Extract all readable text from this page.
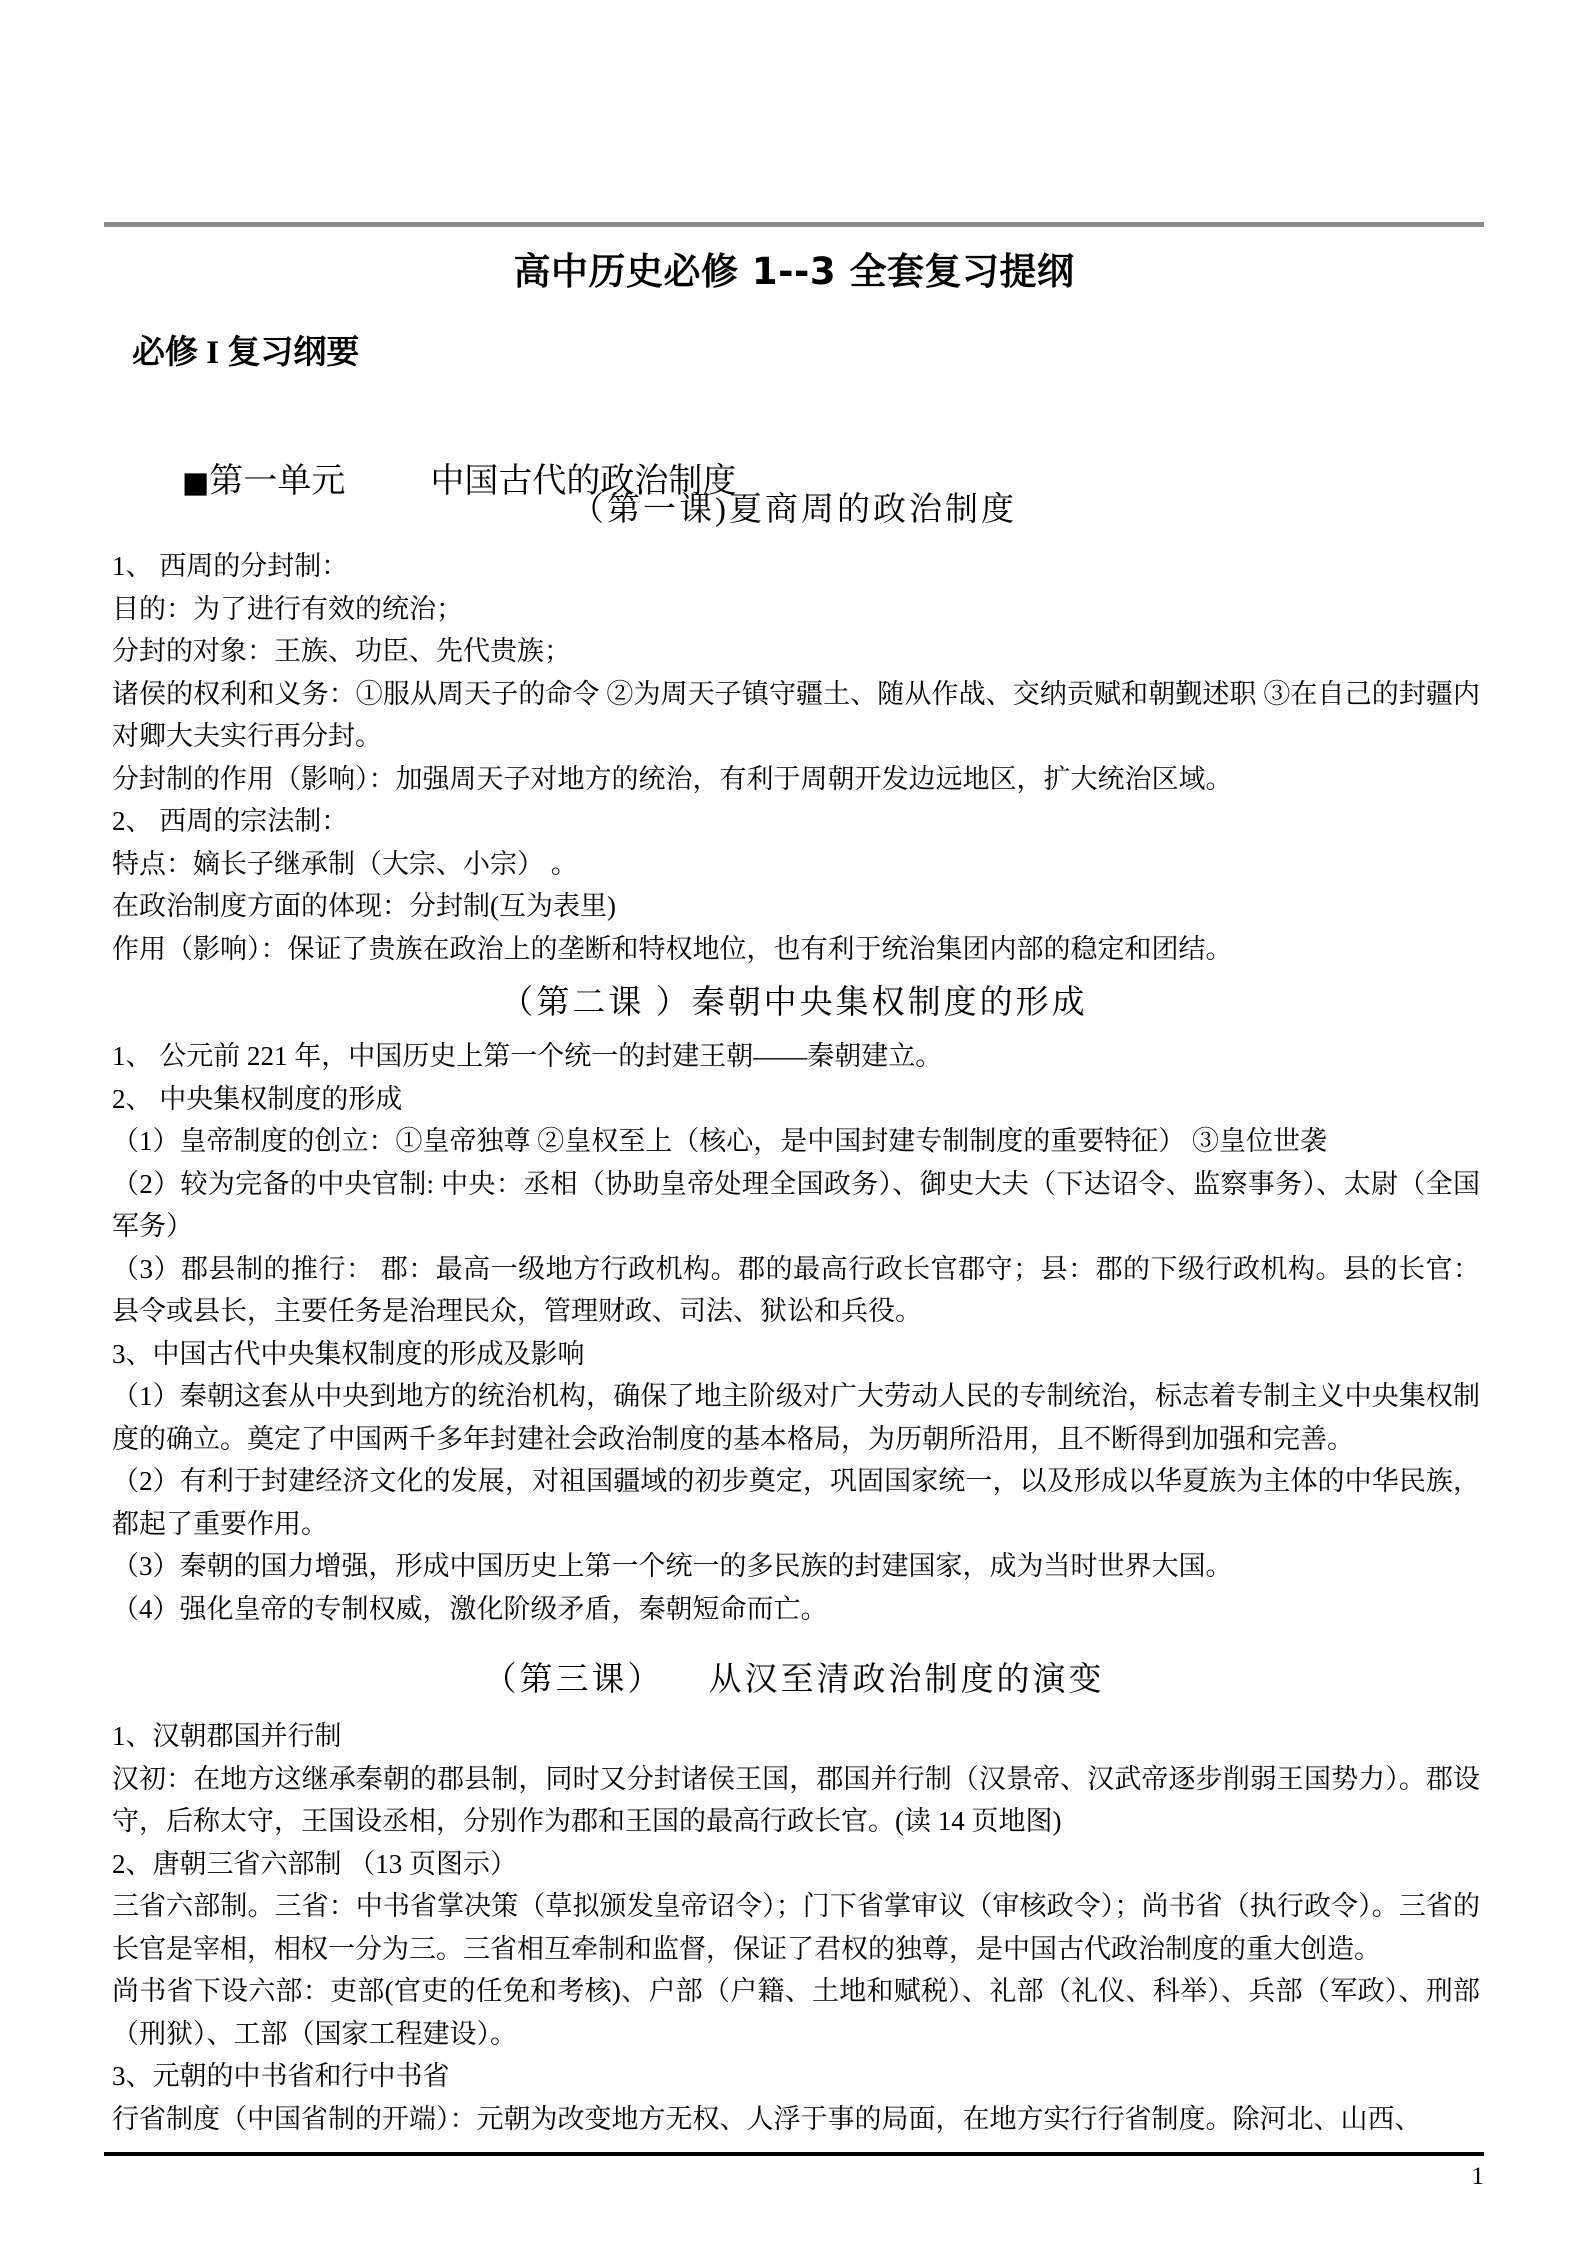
高中历史必修 1--3 全套复习提纲
必修 I 复习纲要

■第一单元          中国古代的政治制度

（第一课)夏商周的政治制度

1、 西周的分封制：

目的：为了进行有效的统治；

分封的对象：王族、功臣、先代贵族；

诸侯的权利和义务：①服从周天子的命令 ②为周天子镇守疆土、随从作战、交纳贡赋和朝觐述职 ③在自己的封疆内对卿大夫实行再分封。

分封制的作用（影响）：加强周天子对地方的统治，有利于周朝开发边远地区，扩大统治区域。

2、 西周的宗法制：

特点：嫡长子继承制（大宗、小宗） 。

在政治制度方面的体现：分封制(互为表里)

作用（影响）：保证了贵族在政治上的垄断和特权地位，也有利于统治集团内部的稳定和团结。

（第二课 ）秦朝中央集权制度的形成

1、 公元前 221 年，中国历史上第一个统一的封建王朝——秦朝建立。

2、 中央集权制度的形成

（1）皇帝制度的创立：①皇帝独尊 ②皇权至上（核心，是中国封建专制制度的重要特征） ③皇位世袭

（2）较为完备的中央官制: 中央：丞相（协助皇帝处理全国政务）、御史大夫（下达诏令、监察事务）、太尉（全国军务）

（3）郡县制的推行： 郡：最高一级地方行政机构。郡的最高行政长官郡守；县：郡的下级行政机构。县的长官：县令或县长，主要任务是治理民众，管理财政、司法、狱讼和兵役。

3、中国古代中央集权制度的形成及影响

（1）秦朝这套从中央到地方的统治机构，确保了地主阶级对广大劳动人民的专制统治，标志着专制主义中央集权制度的确立。奠定了中国两千多年封建社会政治制度的基本格局，为历朝所沿用，且不断得到加强和完善。

（2）有利于封建经济文化的发展，对祖国疆域的初步奠定，巩固国家统一，以及形成以华夏族为主体的中华民族，都起了重要作用。

（3）秦朝的国力增强，形成中国历史上第一个统一的多民族的封建国家，成为当时世界大国。

（4）强化皇帝的专制权威，激化阶级矛盾，秦朝短命而亡。

（第三课）    从汉至清政治制度的演变

1、汉朝郡国并行制

汉初：在地方这继承秦朝的郡县制，同时又分封诸侯王国，郡国并行制（汉景帝、汉武帝逐步削弱王国势力）。郡设守，后称太守，王国设丞相，分别作为郡和王国的最高行政长官。(读 14 页地图)

2、唐朝三省六部制 （13 页图示）

三省六部制。三省：中书省掌决策（草拟颁发皇帝诏令）；门下省掌审议（审核政令）；尚书省（执行政令）。三省的长官是宰相，相权一分为三。三省相互牵制和监督，保证了君权的独尊，是中国古代政治制度的重大创造。

尚书省下设六部：吏部(官吏的任免和考核)、户部（户籍、土地和赋税）、礼部（礼仪、科举）、兵部（军政）、刑部（刑狱）、工部（国家工程建设）。

3、元朝的中书省和行中书省

行省制度（中国省制的开端）：元朝为改变地方无权、人浮于事的局面，在地方实行行省制度。除河北、山西、

1
